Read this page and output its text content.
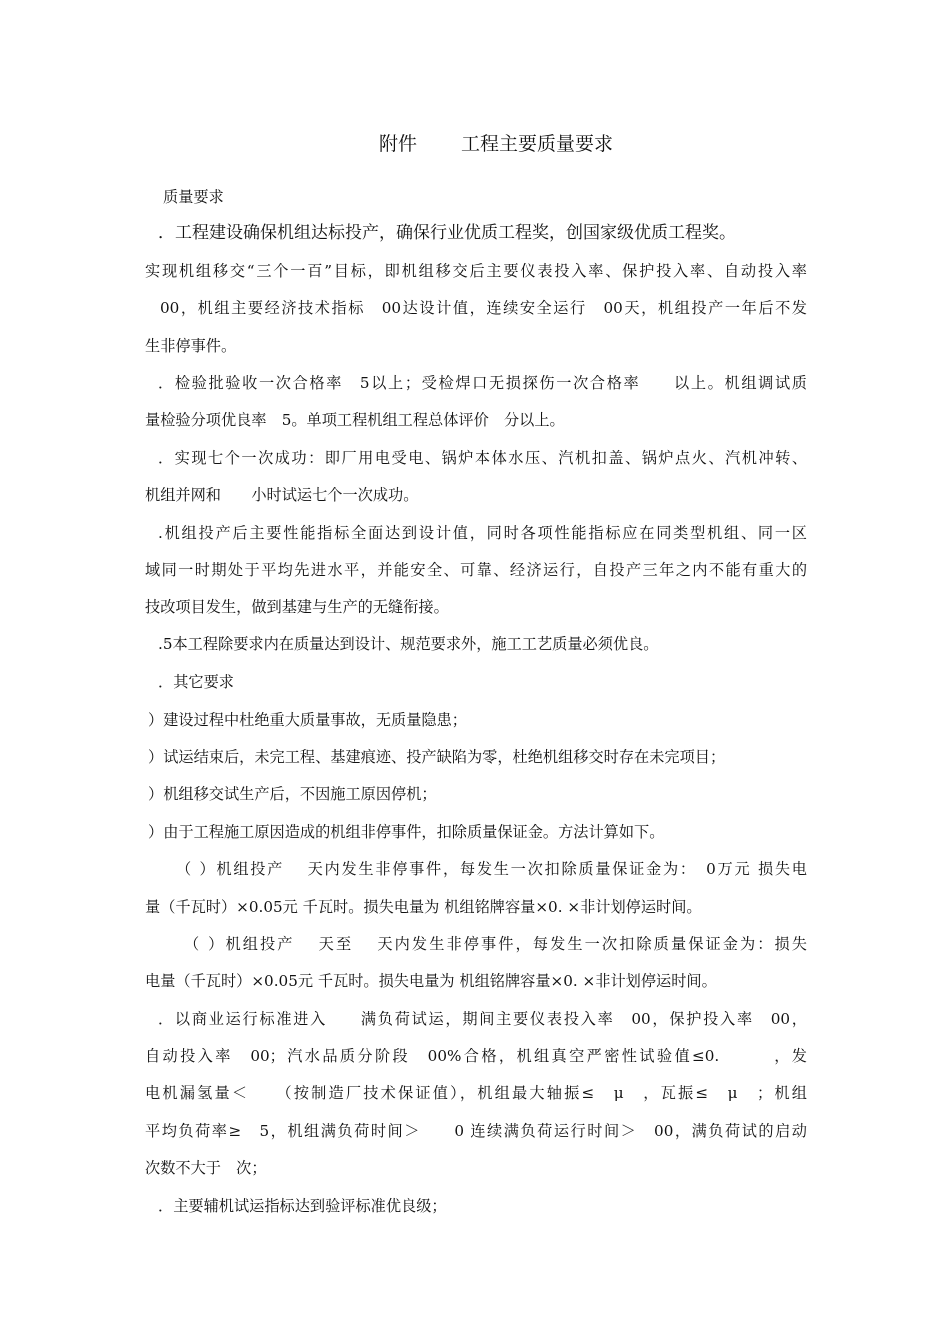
附件 工程主要质量要求
质量要求
．工程建设确保机组达标投产，确保行业优质工程奖，创国家级优质工程奖。
实现机组移交“三个一百”目标，即机组移交后主要仪表投入率、保护投入率、自动投入率
00，机组主要经济技术指标　00达设计值，连续安全运行　00天，机组投产一年后不发
生非停事件。
．检验批验收一次合格率　5以上；受检焊口无损探伤一次合格率　　以上。机组调试质
量检验分项优良率　5。单项工程机组工程总体评价　分以上。
．实现七个一次成功：即厂用电受电、锅炉本体水压、汽机扣盖、锅炉点火、汽机冲转、
机组并网和　　小时试运七个一次成功。
.机组投产后主要性能指标全面达到设计值，同时各项性能指标应在同类型机组、同一区
域同一时期处于平均先进水平，并能安全、可靠、经济运行，自投产三年之内不能有重大的
技改项目发生，做到基建与生产的无缝衔接。
.5本工程除要求内在质量达到设计、规范要求外，施工工艺质量必须优良。
．其它要求
）建设过程中杜绝重大质量事故，无质量隐患；
）试运结束后，未完工程、基建痕迹、投产缺陷为零，杜绝机组移交时存在未完项目；
）机组移交试生产后，不因施工原因停机；
）由于工程施工原因造成的机组非停事件，扣除质量保证金。方法计算如下。
（ ）机组投产　 天内发生非停事件，每发生一次扣除质量保证金为：　0万元 损失电
量（千瓦时）×0.05元 千瓦时。损失电量为 机组铭牌容量×0. ×非计划停运时间。
（ ）机组投产　 天至　 天内发生非停事件，每发生一次扣除质量保证金为：损失
电量（千瓦时）×0.05元 千瓦时。损失电量为 机组铭牌容量×0. ×非计划停运时间。
．以商业运行标准进入　　满负荷试运，期间主要仪表投入率　00，保护投入率　00，
自动投入率　00；汽水品质分阶段　00%合格，机组真空严密性试验值≤0.　　　，发
电机漏氢量＜　　（按制造厂技术保证值），机组最大轴振≤　μ　，瓦振≤　μ　；机组
平均负荷率≥　5，机组满负荷时间＞　　0 连续满负荷运行时间＞　00，满负荷试的启动
次数不大于　次；
．主要辅机试运指标达到验评标准优良级；
